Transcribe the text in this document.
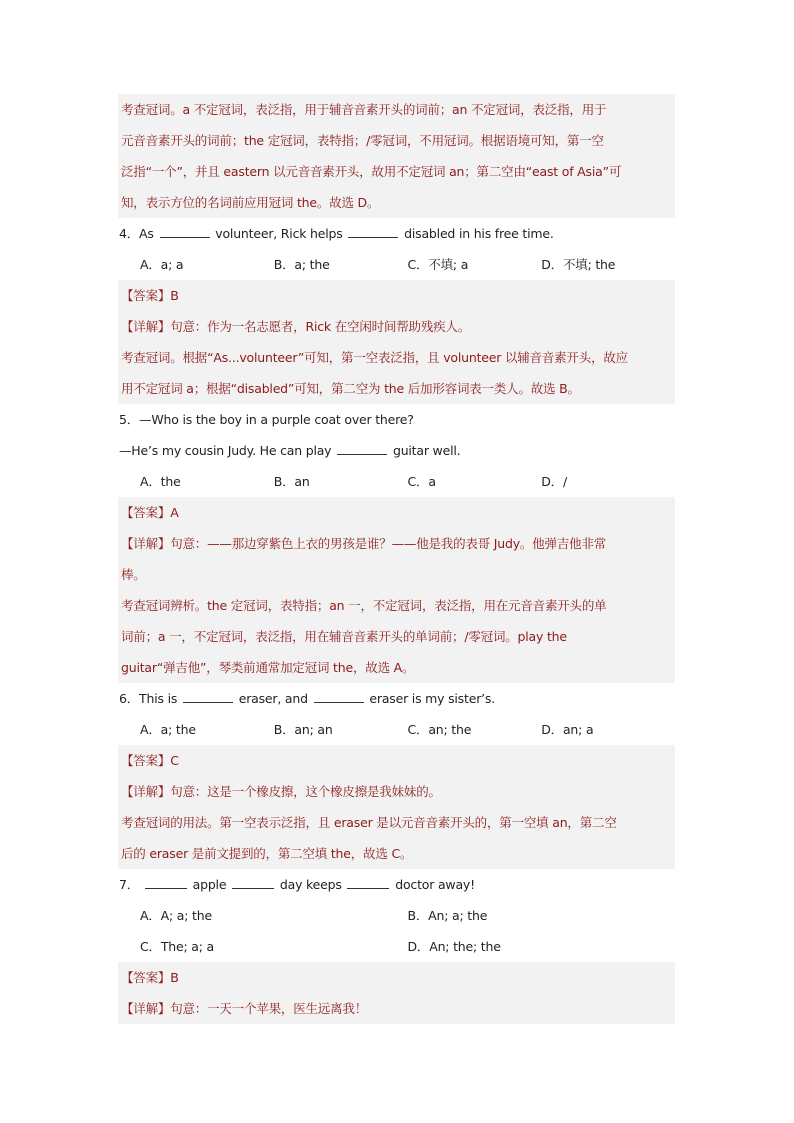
考查冠词。a 不定冠词，表泛指，用于辅音音素开头的词前；an 不定冠词，表泛指，用于
元音音素开头的词前；the 定冠词，表特指；/零冠词，不用冠词。根据语境可知，第一空
泛指“一个”，并且 eastern 以元音音素开头，故用不定冠词 an；第二空由“east of Asia”可
知，表示方位的名词前应用冠词 the。故选 D。
4．As	volunteer, Rick helps	disabled in his free time.
A．a; a	B．a; the	C．不填; a	D．不填; the
【答案】B
【详解】句意：作为一名志愿者，Rick 在空闲时间帮助残疾人。
考查冠词。根据“As...volunteer”可知，第一空表泛指，且 volunteer 以辅音音素开头，故应
用不定冠词 a；根据“disabled”可知，第二空为 the 后加形容词表一类人。故选 B。
5．—Who is the boy in a purple coat over there?
—He’s my cousin Judy. He can play	guitar well.
A．the	B．an	C．a	D．/
【答案】A
【详解】句意：——那边穿紫色上衣的男孩是谁？——他是我的表哥 Judy。他弹吉他非常
棒。
考查冠词辨析。the 定冠词，表特指；an 一，不定冠词，表泛指，用在元音音素开头的单
词前；a 一，不定冠词，表泛指，用在辅音音素开头的单词前；/零冠词。play the
guitar“弹吉他”，琴类前通常加定冠词 the，故选 A。
6．This is	eraser, and	eraser is my sister’s.
A．a; the	B．an; an	C．an; the	D．an; a
【答案】C
【详解】句意：这是一个橡皮擦，这个橡皮擦是我妹妹的。
考查冠词的用法。第一空表示泛指，且 eraser 是以元音音素开头的，第一空填 an，第二空
后的 eraser 是前文提到的，第二空填 the，故选 C。
7．	apple	day keeps	doctor away!
A．A; a; the	B．An; a; the
C．The; a; a	D．An; the; the
【答案】B
【详解】句意：一天一个苹果，医生远离我！
